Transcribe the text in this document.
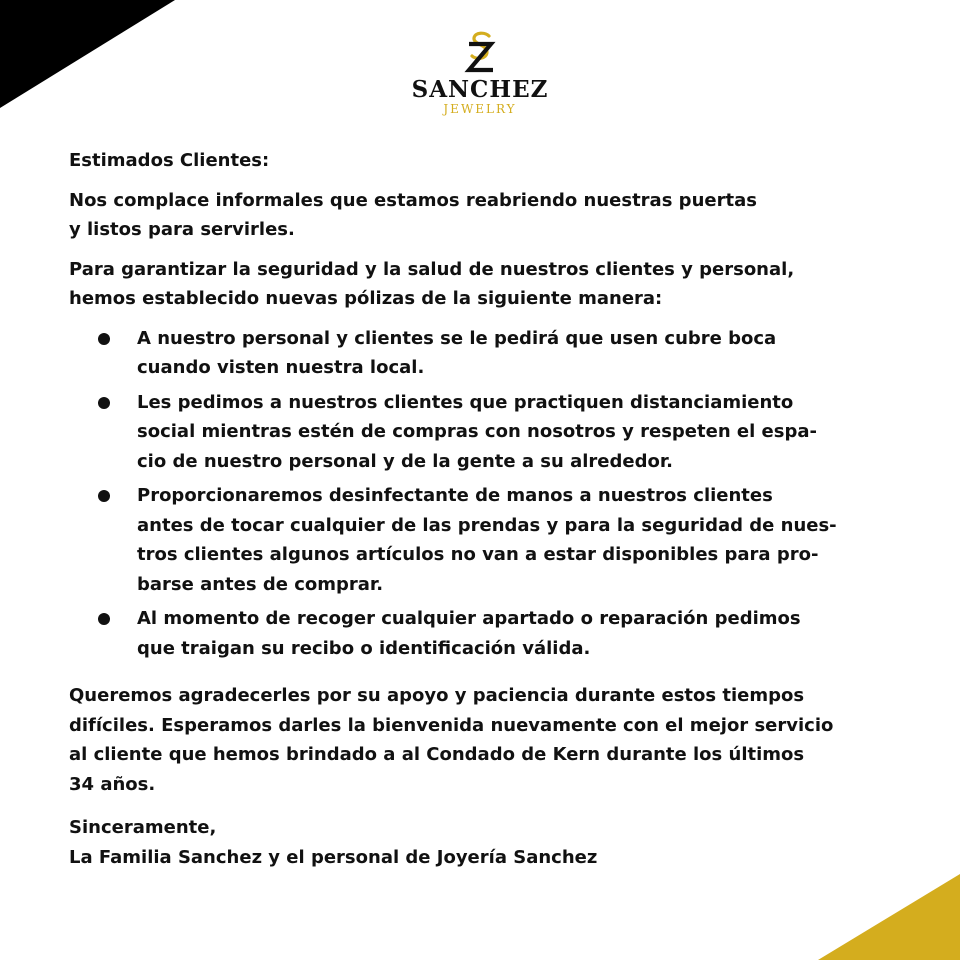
SANCHEZ
JEWELRY

Estimados Clientes:

Nos complace informales que estamos reabriendo nuestras puertas
y listos para servirles.

Para garantizar la seguridad y la salud de nuestros clientes y personal,
hemos establecido nuevas pólizas de la siguiente manera:

A nuestro personal y clientes se le pedirá que usen cubre boca
cuando visten nuestra local.
Les pedimos a nuestros clientes que practiquen distanciamiento
social mientras estén de compras con nosotros y respeten el espa-
cio de nuestro personal y de la gente a su alrededor.
Proporcionaremos desinfectante de manos a nuestros clientes
antes de tocar cualquier de las prendas y para la seguridad de nues-
tros clientes algunos artículos no van a estar disponibles para pro-
barse antes de comprar.
Al momento de recoger cualquier apartado o reparación pedimos
que traigan su recibo o identificación válida.

Queremos agradecerles por su apoyo y paciencia durante estos tiempos
difíciles. Esperamos darles la bienvenida nuevamente con el mejor servicio
al cliente que hemos brindado a al Condado de Kern durante los últimos
34 años.

Sinceramente,
La Familia Sanchez y el personal de Joyería Sanchez
